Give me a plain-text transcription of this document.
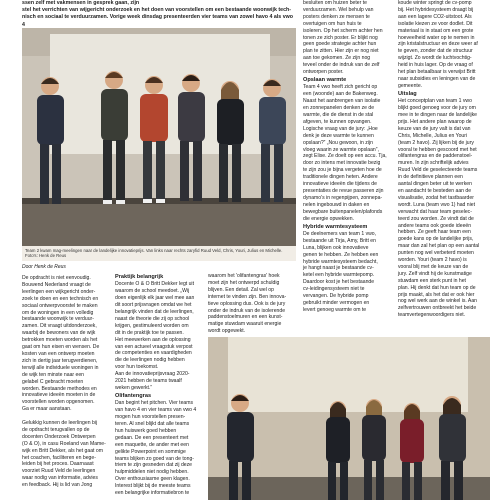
ssen zelf met vakmensen in gesprek gaan, zijn
stel het verrichten van wijgericht onderzoek en het doen van voorstellen om een bestaande woonwijk tech-
nisch en sociaal te verduurzamen. Vorige week dinsdag presenteerden vier teams van zowel havo 4 als vwo 4
Team 2 kwam mag-meelingen naar de landelijke innovatieprijs. Van links naar rechts zaryfid Ruud Veld, Chris, Youri, Julius en Michelle. Foto's: Henk de Reus
Door Henk de Reus

De opdracht is niet eenvoudig.

Bouwend Nederland vraagt de

leerlingen een wijkgericht onder-

zoek te doen en een technisch en

sociaal ontwerpvoorstel te maken

om de woningen in een volledig

bestaande woonwijk te verduur-

zamen. Dit vraagt uitdonderzoek,

waarbij de bewoners van de wijk

betrokken moeten worden als het

gaat om hun eisen en wensen. De

kosten van een ontwerp moeten

zich in dertig jaar terugverdienen,

terwijl alle individuele woningen in

de wijk ten minste naar een

gelabel C gebracht moeten

worden. Bestaande methodes en

innovatieve ideeën moeten in de

voorstellen worden opgenomen.

Ga er maar aanstaan.

Gelukkig kunnen de leerlingen bij

de opdracht terugvallen op de

docenten Onderzoek Ontwerpen

(O & O), in casu Roeland van Mame-

wijk en Britt Dekker, als het gaat om

het coachen, faciliteren en bege-

leiden bij het proces. Daarnaast

voorziet Ruud Veld de leerlingen

waar nodig van informatie, advies

en feedback. Hij is lid van Jong

Praktijk belangrijk

Docente O & O Britt Dekker legt uit

waarom de school meedoet. „Wij

doen eigenlijk elk jaar wel mee aan

dit soort prijsvragen omdat we het

belangrijk vinden dat de leerlingen,

naast de theorie die zij op school

krijgen, gestimuleerd worden om

dit in de praktijk toe te passen.

Het meewerken aan de oplossing

van een actueel vraagstuk verpost

de competenties en vaardigheden

die de leerlingen nodig hebben

voor hun toekomst.

Aan de innovatieprijsvraag 2020-

2021 hebben de teams twaalf

weken gewerkt.”

Olifantengras

Dan begint het pitchen. Vier teams

van havo 4 en vier teams van vwo 4

mogen hun voorstellen presen-

teren. Al snel blijkt dat alle teams

hun huiswerk goed hebben

gedaan. De een presenteert met

een maquette, de ander met een

gelikte Powerpoint en sommige

teams blijken zo goed van de tong-

triem te zijn gesneden dat zij deze

hulpmiddelen niet nodig hebben.

Over enthousiasme geen klagen.

Interest blijkt bij de meeste teams

een belangrijke informatiebron te

waarom het 'olifantengras' hoek

moet zijn het ontwerpd schuldig

blijven. Een detail. Zal wel op

internet te vinden zijn. Ben innova-

tieve oplossing dus. Ook is de jury

onder de indruk van de isolerende

paddenstoelmuren en een kunst-

matige stuwdam waaruit energie

wordt opgewekt.

besluiten om huizen beter te

verduurzamen. Wel behulp van

posters denken ze mensen te

overtuigen om hun huis te

isoleren. Op het scherm achter hen

tonen ze zich poster. Er blijkt nog

geen goede strategie achter hun

plan te zitten. Hier zijn er nog niet

aan toe gekomen. Ze zijn nog

teveel onder de indruk van de zelf

ontworpen poster.

Opslaan warmte

Team 4 vwo heeft zich gericht op

een (woonde) aan de Bakenweg.

Naast het aanbrengen van isolatie

en zonnepanelen denken ze de

warmte, die de dienst in de stal

afgeven, te kunnen opvangen.

Logische vraag van de jury: „Hoe

denk je deze warmte te kunnen

opslaan?” „Nou gewoon, in zijn

vloeg waarin ze warmte opslaan”,

zegt Elise. Ze doelt op een accu. Tja,

door zo intens met innovatie bezig

te zijn zou je bijna vergeten hoe de

traditionele dingen heten. Andere

innovatieve ideeën die tijdens de

presentaties de revue passeren zijn

dynamo's in regenpijpen, zonnepa-

nelen ingebouwd in daken en

bewegbare buitenpanelen/plafonds

die energie opwekken.

Hybride warmtesysteem

De deelnemers van team 1 vwo,

bestaande uit Tirja, Amy, Britt en

Luna, blijken ook innovatieve

genen te hebben. Ze hebben een

hybride warmtesysteem bedacht,

je hangt naast je bestaande cv-

ketel een hybride warmtepomp.

Daardoor kost je het bestaande

cv-leidingensysteem niet te

vervangen. De hybride pomp

gebruikt minder vermogen en

levert genoeg warmte om te

koude winter springt de cv-pomp

bij. Het hybridesysteem draagt bij

aan een lagere CO2-uitstoot. Als

isolatie kiezen ze voor dodlet. Dit

materiaal is in staat om een grote

hoeveelheid water op te nemen in

zijn kristalstructuur en deze weer af

te geven, zonder dat de structuur

wijzigt. Zo wordt de luchtvochtig-

heid in huis lager. Op de vraag of

het plan betaalbaar is verwijst Britt

naar subsidies en leningen van de

gemeente.

Uitslag

Het conceptplan van team 1 vwo

blijkt goed genoeg voor de jury om

mee in te dingen naar de landelijke

prijs. Het andere plan waarop de

keuze van de jury valt is dat van

Chris, Michelle, Julius en Youri

(team 2 havo). Zij lijken bij de jury

vooral te hebben gescoord met het

olifantengras en de paddenstoel-

muren. In zijn schriftelijk advies

Ruud Veld de geselecteerde teams

in de definitieve plannen een

aantal dingen beter uit te werken

en aandacht te besteden aan de

visualisatie, zodat het tastbaarder

wordt. Luna (team vwo 1) had niet

verwacht dat haar team geselec-

teerd zou worden. Ze vindt dat de

andere teams ook goede ideeën

hebben. Ze geeft haar team een

goede kans op de landelijke prijs,

maar dan zal het plan op een aantal

punten nog wel verbeterd moeten

worden. Youri (team 2 havo) is

vooral blij met de keuze van de

jury. Zelf vindt hij de kunstmatige

stuwdam een sterk punt in het

plan. Hij denkt dat hun team op de

prijs maakt, als het dat er ook hier

nog wel werk aan de winkel is. Aan

zelfvertrouwen ontbreekt het beide

teamvertegenwoordigers niet.
